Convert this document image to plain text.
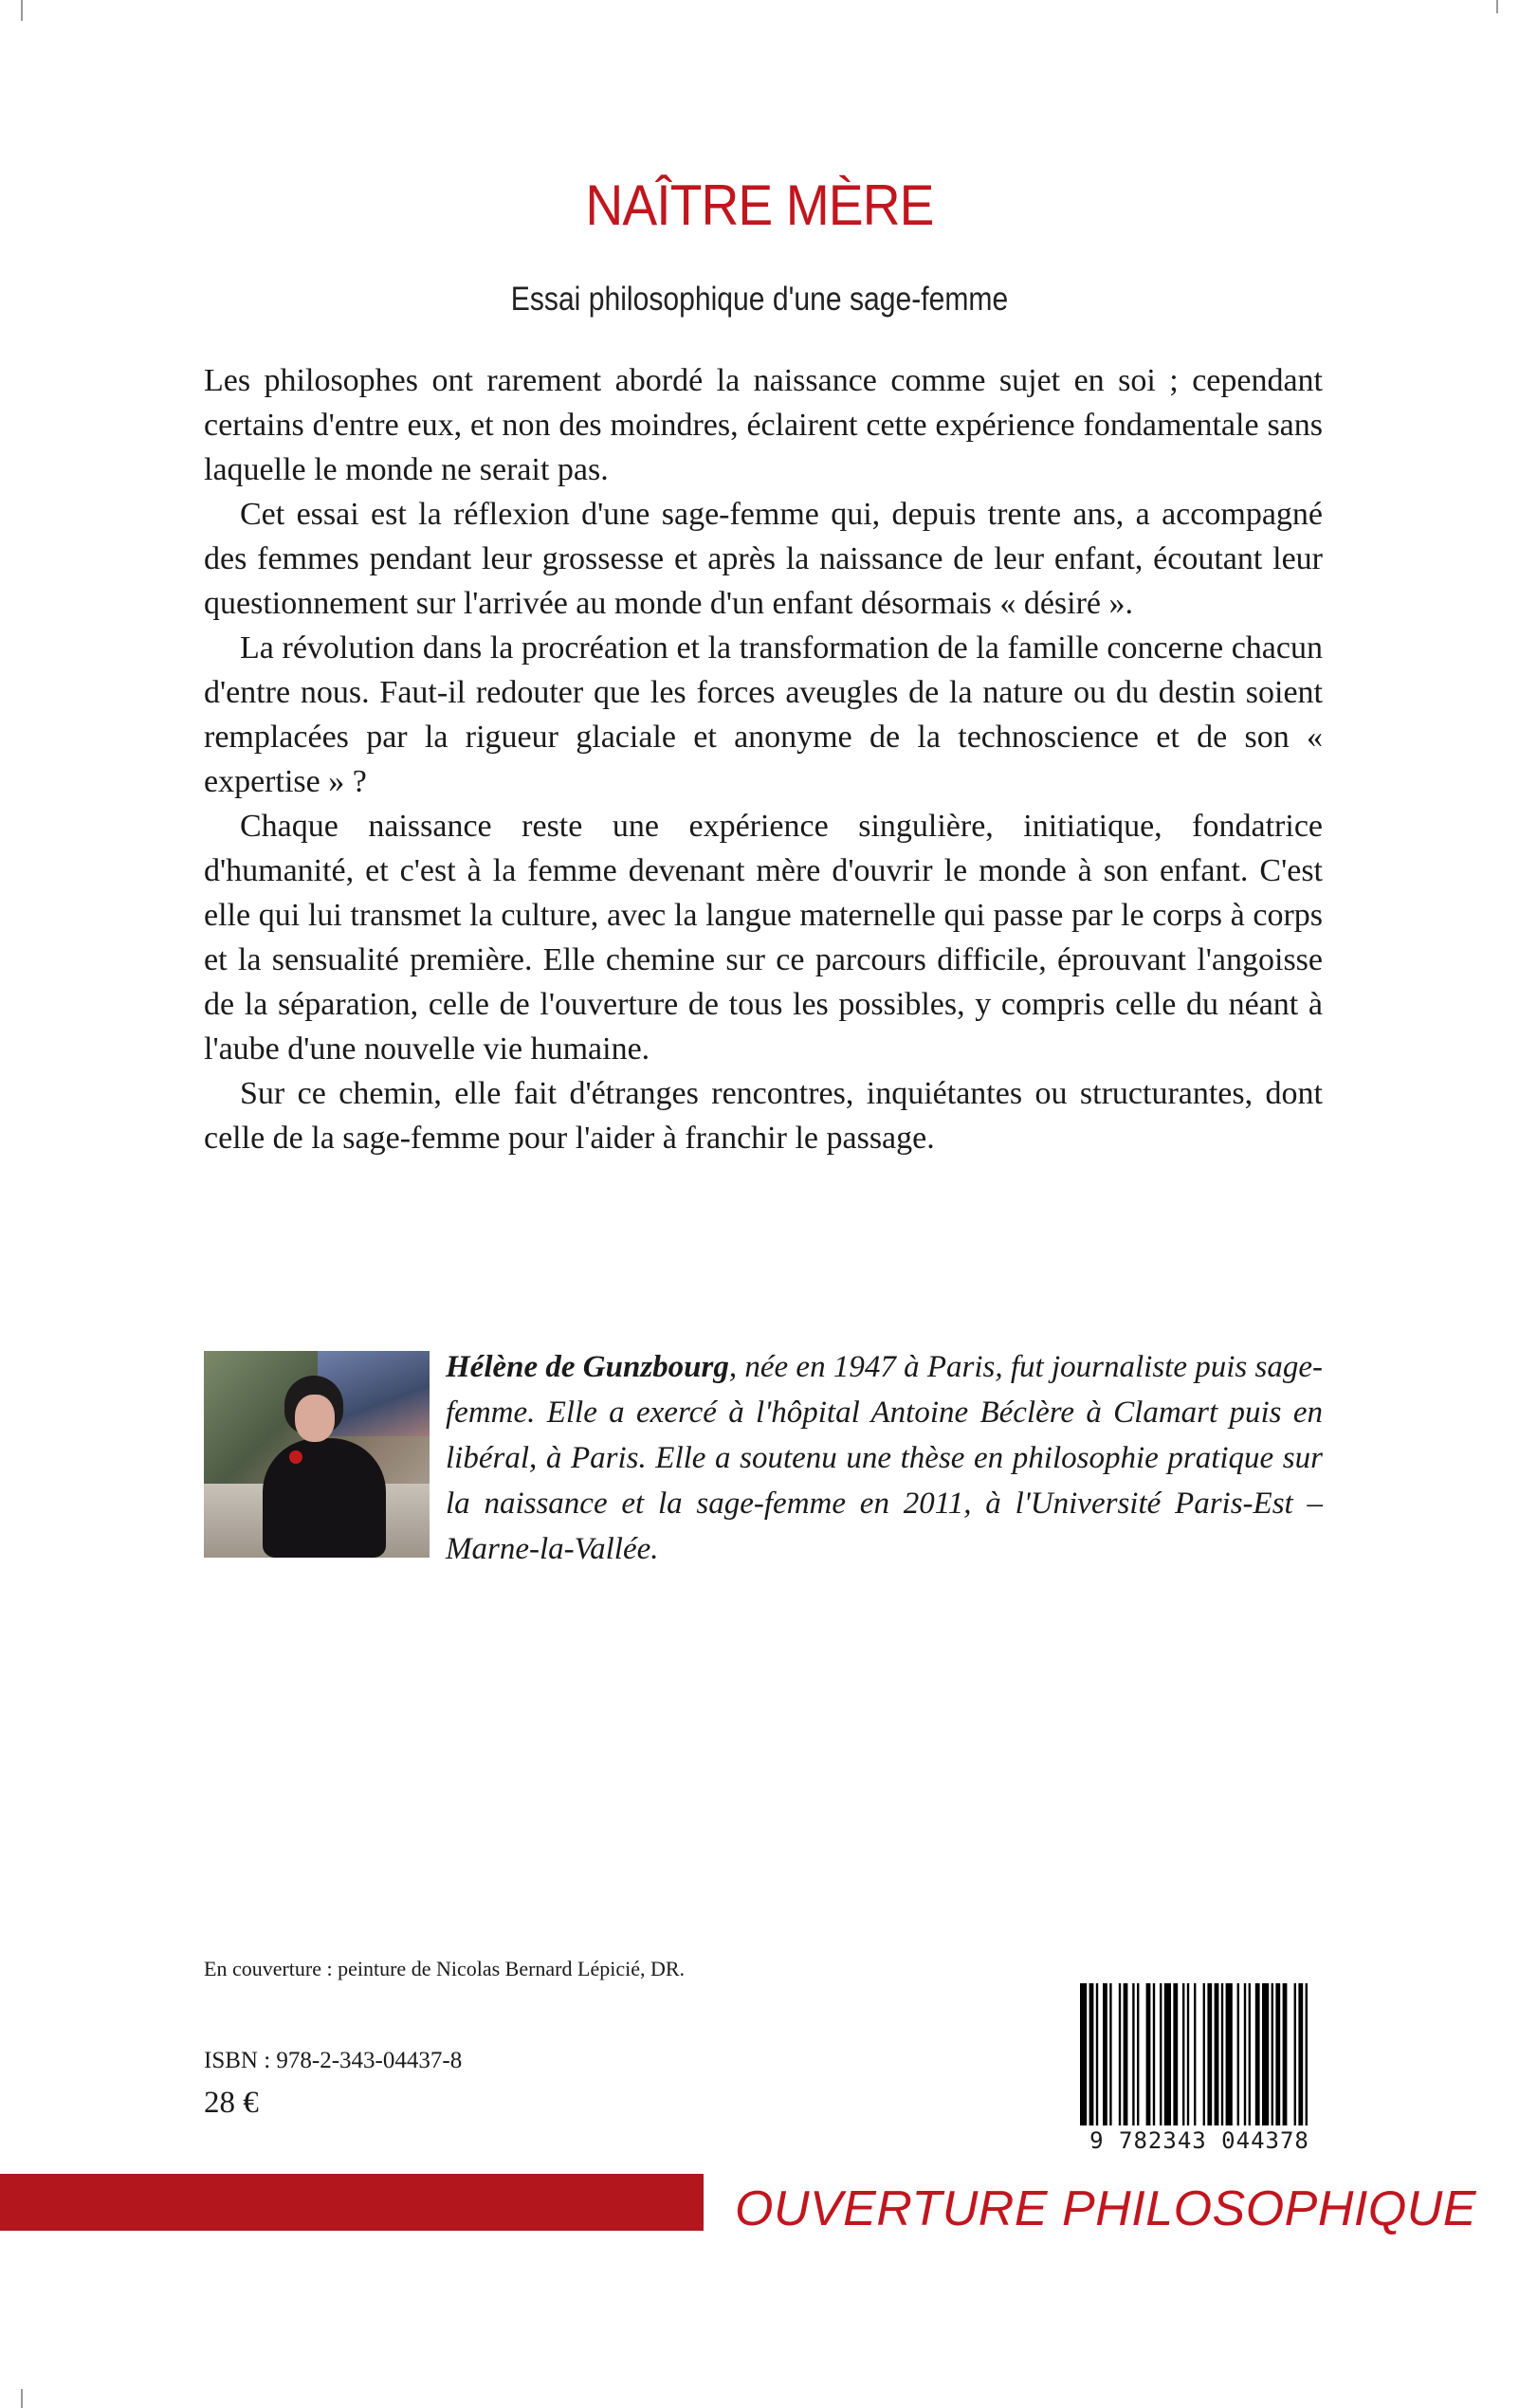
NAÎTRE MÈRE
Essai philosophique d'une sage-femme

Les philosophes ont rarement abordé la naissance comme sujet en soi ; cependant certains d'entre eux, et non des moindres, éclairent cette expérience fondamentale sans laquelle le monde ne serait pas.

Cet essai est la réflexion d'une sage-femme qui, depuis trente ans, a accompagné des femmes pendant leur grossesse et après la naissance de leur enfant, écoutant leur questionnement sur l'arrivée au monde d'un enfant désormais « désiré ».

La révolution dans la procréation et la transformation de la famille concerne chacun d'entre nous. Faut-il redouter que les forces aveugles de la nature ou du destin soient remplacées par la rigueur glaciale et anonyme de la technoscience et de son « expertise » ?

Chaque naissance reste une expérience singulière, initiatique, fondatrice d'humanité, et c'est à la femme devenant mère d'ouvrir le monde à son enfant. C'est elle qui lui transmet la culture, avec la langue maternelle qui passe par le corps à corps et la sensualité première. Elle chemine sur ce parcours difficile, éprouvant l'angoisse de la séparation, celle de l'ouverture de tous les possibles, y compris celle du néant à l'aube d'une nouvelle vie humaine.

Sur ce chemin, elle fait d'étranges rencontres, inquiétantes ou structurantes, dont celle de la sage-femme pour l'aider à franchir le passage.

Hélène de Gunzbourg, née en 1947 à Paris, fut journaliste puis sage-femme. Elle a exercé à l'hôpital Antoine Béclère à Clamart puis en libéral, à Paris. Elle a soutenu une thèse en philosophie pratique sur la naissance et la sage-femme en 2011, à l'Université Paris-Est – Marne-la-Vallée.
En couverture : peinture de Nicolas Bernard Lépicié, DR.
ISBN : 978-2-343-04437-8
28 €
9 782343 044378
OUVERTURE PHILOSOPHIQUE
